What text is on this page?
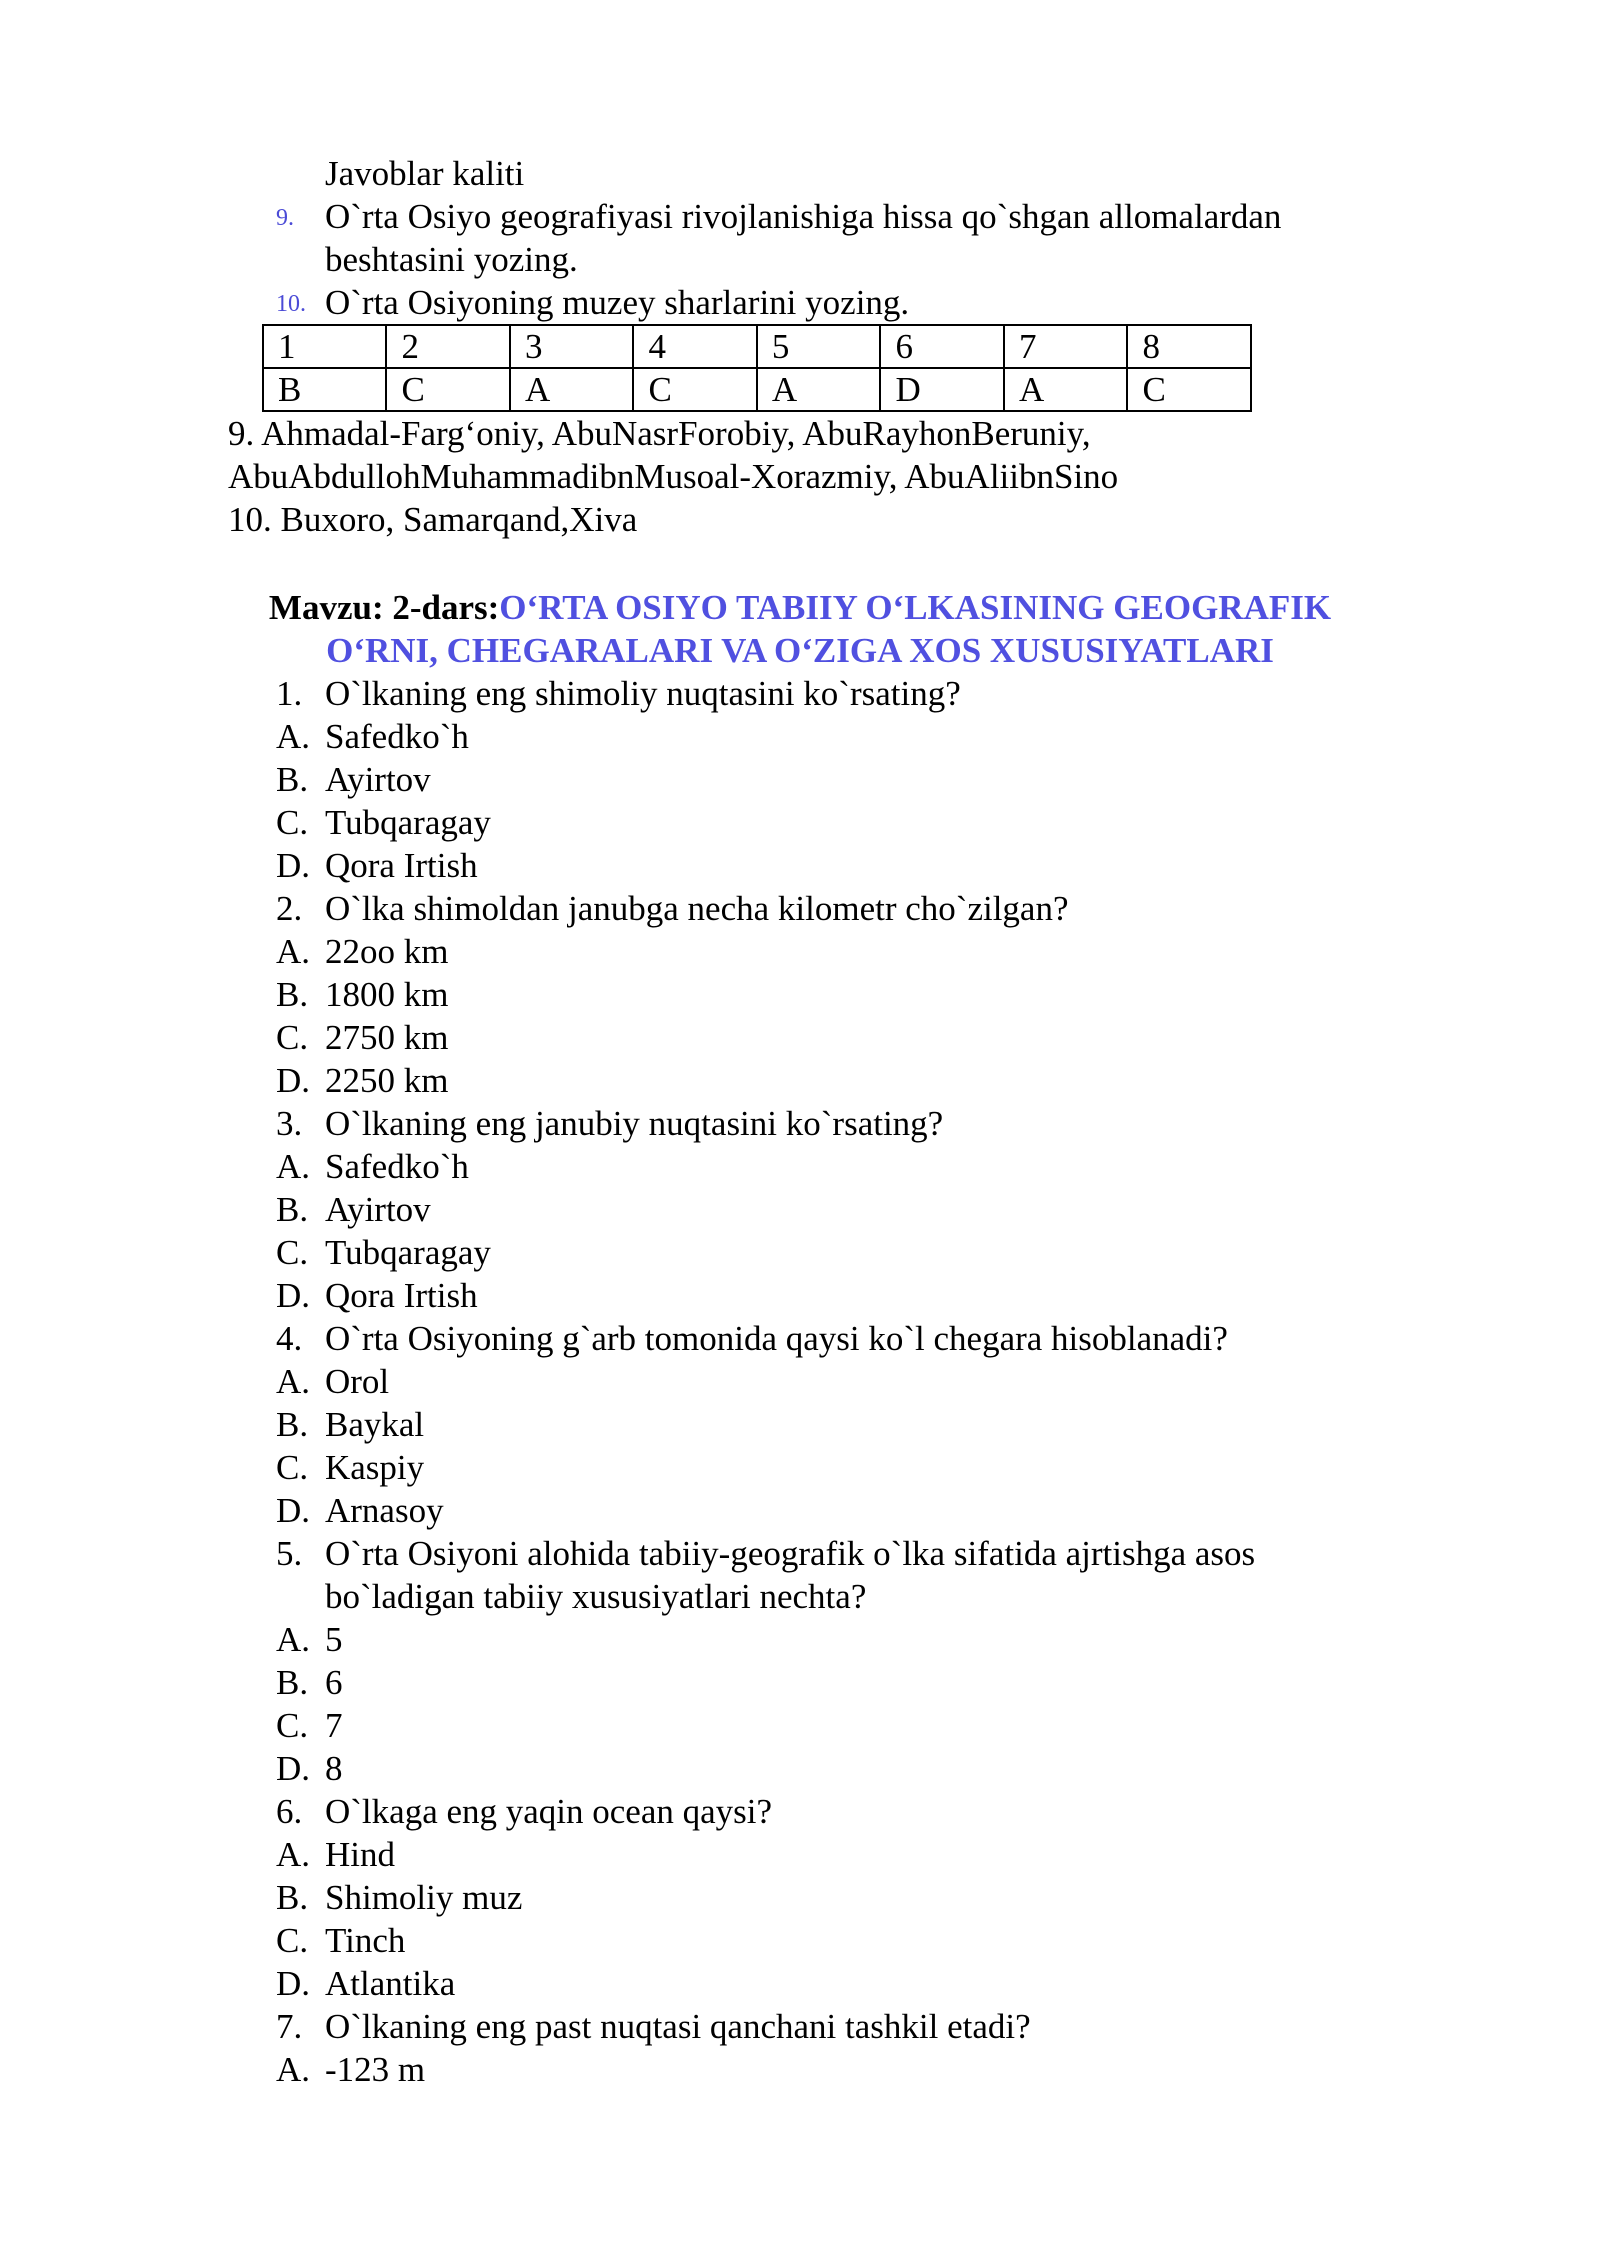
Javoblar kaliti
9. O`rta Osiyo geografiyasi rivojlanishiga hissa qo`shgan allomalardan
beshtasini yozing.
10. O`rta Osiyoning muzey sharlarini yozing.
1	2	3	4	5	6	7	8
B	C	A	C	A	D	A	C
9. Ahmadal-Farg‘oniy, AbuNasrForobiy, AbuRayhonBeruniy,
AbuAbdullohMuhammadibnMusoal-Xorazmiy, AbuAliibnSino
10. Buxoro, Samarqand,Xiva
Mavzu: 2-dars:O‘RTA OSIYO TABIIY O‘LKASINING GEOGRAFIK
O‘RNI, CHEGARALARI VA O‘ZIGA XOS XUSUSIYATLARI
1. O`lkaning eng shimoliy nuqtasini ko`rsating?
A. Safedko`h
B. Ayirtov
C. Tubqaragay
D. Qora Irtish
2. O`lka shimoldan janubga necha kilometr cho`zilgan?
A. 22oo km
B. 1800 km
C. 2750 km
D. 2250 km
3. O`lkaning eng janubiy nuqtasini ko`rsating?
A. Safedko`h
B. Ayirtov
C. Tubqaragay
D. Qora Irtish
4. O`rta Osiyoning g`arb tomonida qaysi ko`l chegara hisoblanadi?
A. Orol
B. Baykal
C. Kaspiy
D. Arnasoy
5. O`rta Osiyoni alohida tabiiy-geografik o`lka sifatida ajrtishga asos
bo`ladigan tabiiy xususiyatlari nechta?
A. 5
B. 6
C. 7
D. 8
6. O`lkaga eng yaqin ocean qaysi?
A. Hind
B. Shimoliy muz
C. Tinch
D. Atlantika
7. O`lkaning eng past nuqtasi qanchani tashkil etadi?
A. -123 m
